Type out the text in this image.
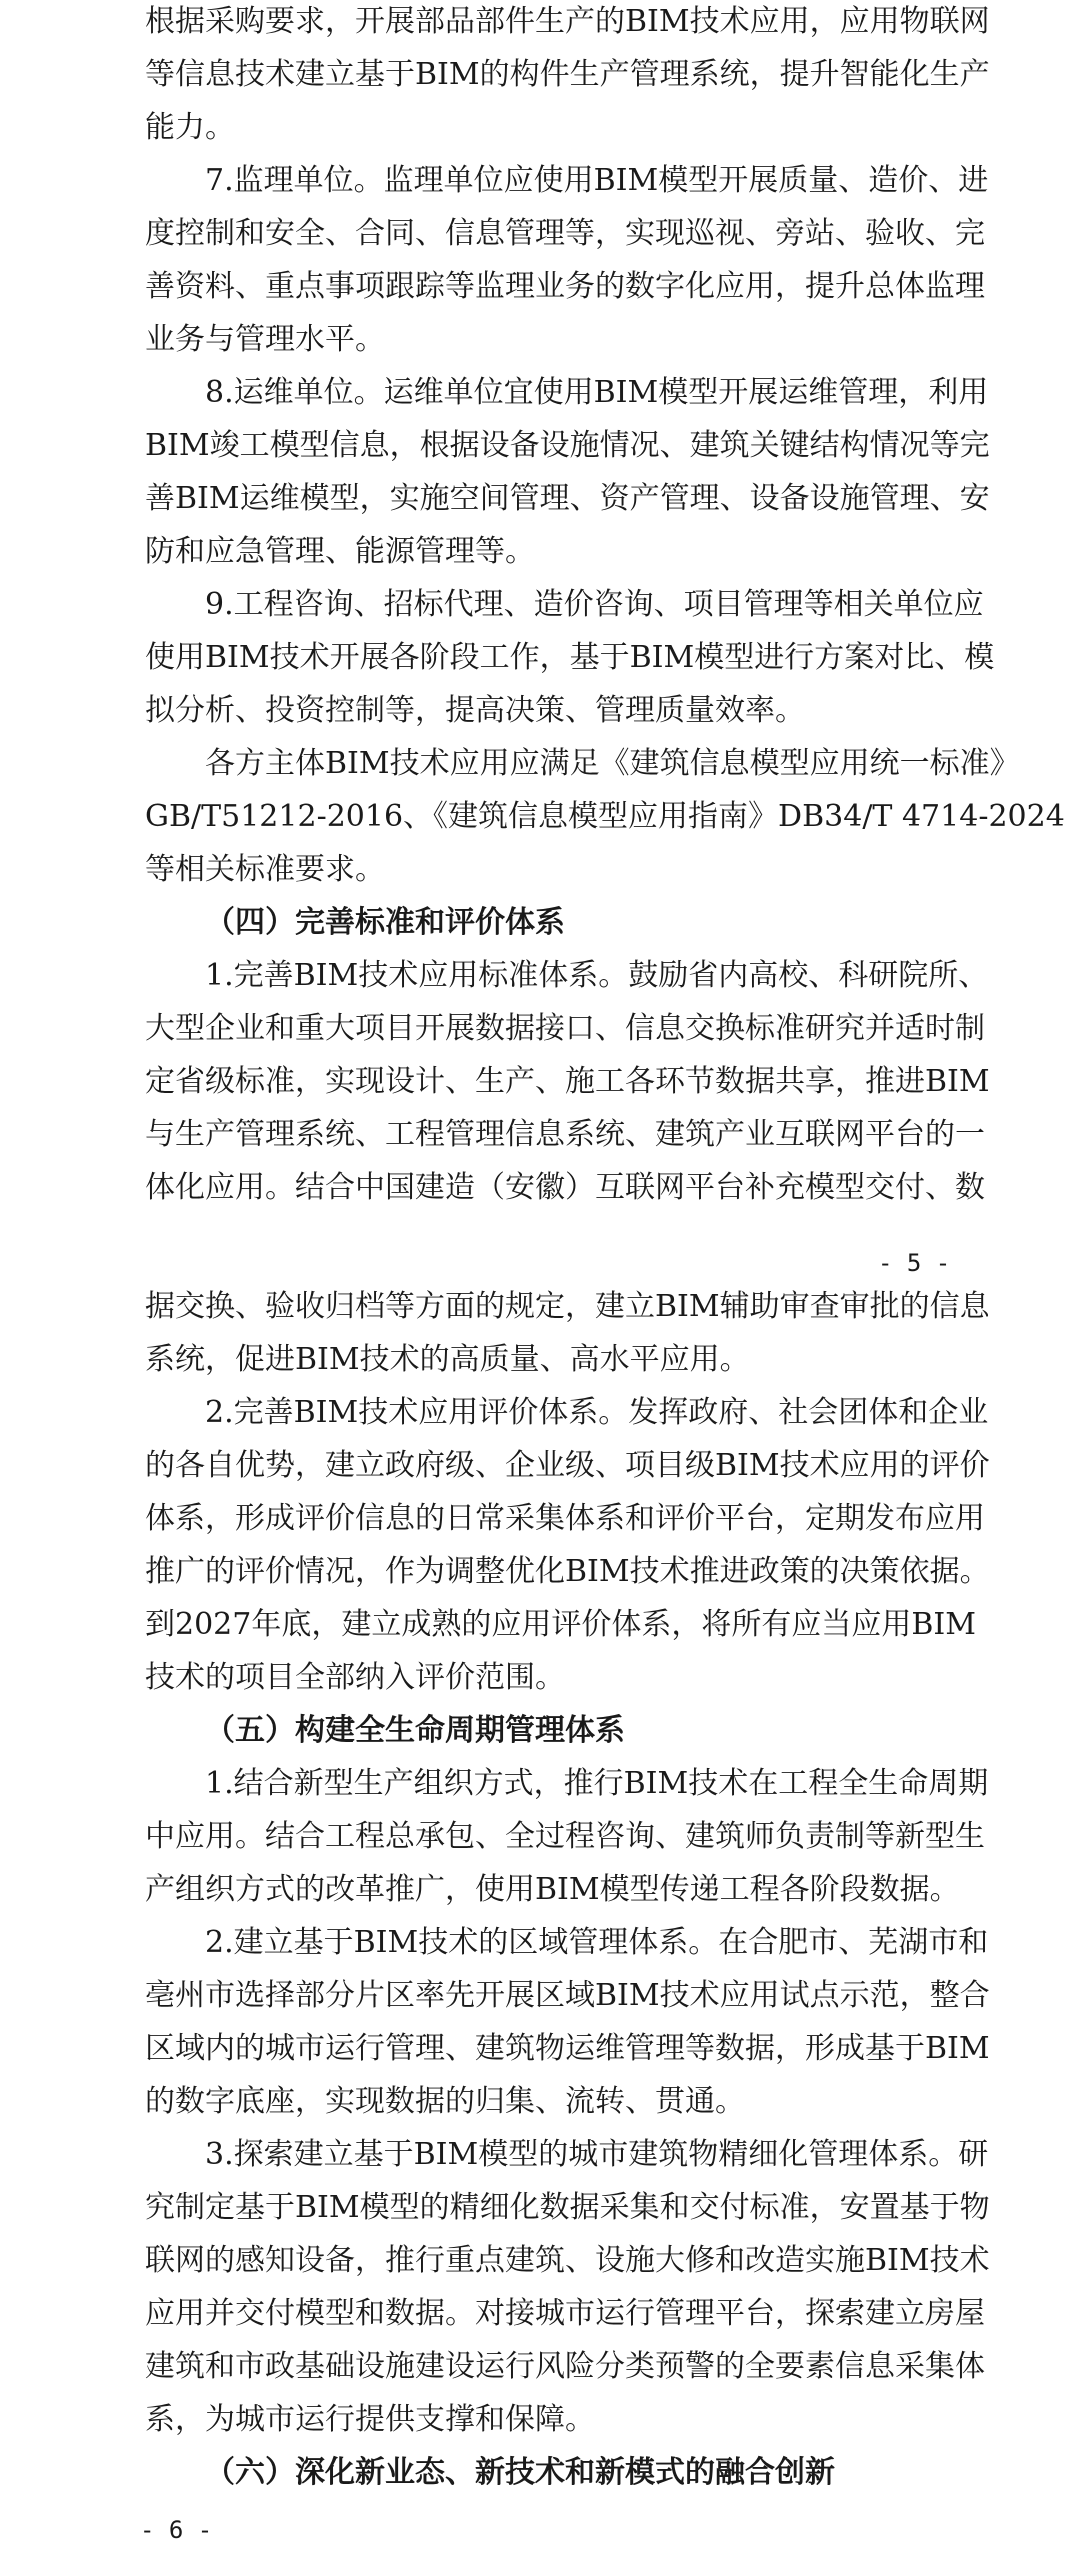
根据采购要求，开展部品部件生产的BIM技术应用，应用物联网
等信息技术建立基于BIM的构件生产管理系统，提升智能化生产
能力。
7.监理单位。监理单位应使用BIM模型开展质量、造价、进
度控制和安全、合同、信息管理等，实现巡视、旁站、验收、完
善资料、重点事项跟踪等监理业务的数字化应用，提升总体监理
业务与管理水平。
8.运维单位。运维单位宜使用BIM模型开展运维管理，利用
BIM竣工模型信息，根据设备设施情况、建筑关键结构情况等完
善BIM运维模型，实施空间管理、资产管理、设备设施管理、安
防和应急管理、能源管理等。
9.工程咨询、招标代理、造价咨询、项目管理等相关单位应
使用BIM技术开展各阶段工作，基于BIM模型进行方案对比、模
拟分析、投资控制等，提高决策、管理质量效率。
各方主体BIM技术应用应满足《建筑信息模型应用统一标准》
GB/T51212-2016、《建筑信息模型应用指南》DB34/T 4714-2024
等相关标准要求。
（四）完善标准和评价体系
1.完善BIM技术应用标准体系。鼓励省内高校、科研院所、
大型企业和重大项目开展数据接口、信息交换标准研究并适时制
定省级标准，实现设计、生产、施工各环节数据共享，推进BIM
与生产管理系统、工程管理信息系统、建筑产业互联网平台的一
体化应用。结合中国建造（安徽）互联网平台补充模型交付、数
- 5 -
据交换、验收归档等方面的规定，建立BIM辅助审查审批的信息
系统，促进BIM技术的高质量、高水平应用。
2.完善BIM技术应用评价体系。发挥政府、社会团体和企业
的各自优势，建立政府级、企业级、项目级BIM技术应用的评价
体系，形成评价信息的日常采集体系和评价平台，定期发布应用
推广的评价情况，作为调整优化BIM技术推进政策的决策依据。
到2027年底，建立成熟的应用评价体系，将所有应当应用BIM
技术的项目全部纳入评价范围。
（五）构建全生命周期管理体系
1.结合新型生产组织方式，推行BIM技术在工程全生命周期
中应用。结合工程总承包、全过程咨询、建筑师负责制等新型生
产组织方式的改革推广，使用BIM模型传递工程各阶段数据。
2.建立基于BIM技术的区域管理体系。在合肥市、芜湖市和
亳州市选择部分片区率先开展区域BIM技术应用试点示范，整合
区域内的城市运行管理、建筑物运维管理等数据，形成基于BIM
的数字底座，实现数据的归集、流转、贯通。
3.探索建立基于BIM模型的城市建筑物精细化管理体系。研
究制定基于BIM模型的精细化数据采集和交付标准，安置基于物
联网的感知设备，推行重点建筑、设施大修和改造实施BIM技术
应用并交付模型和数据。对接城市运行管理平台，探索建立房屋
建筑和市政基础设施建设运行风险分类预警的全要素信息采集体
系，为城市运行提供支撑和保障。
（六）深化新业态、新技术和新模式的融合创新
- 6 -
